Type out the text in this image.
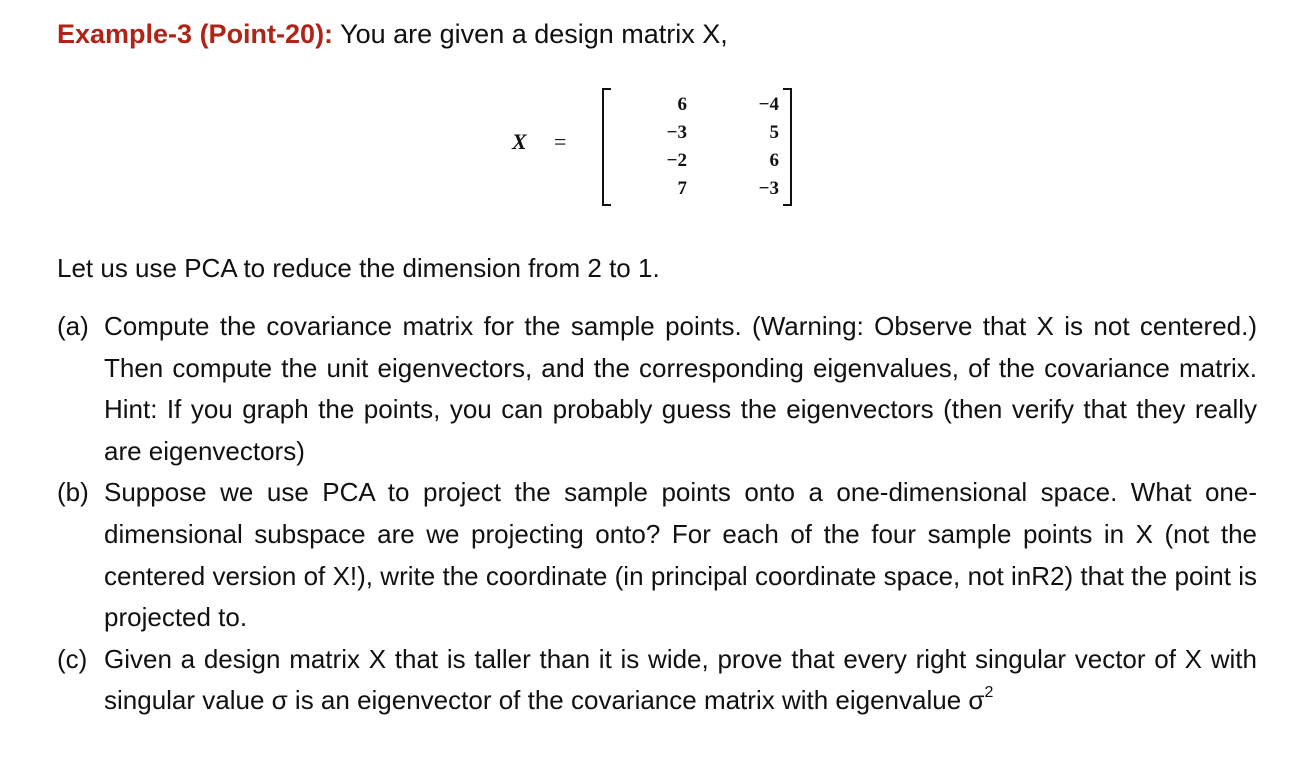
Example-3 (Point-20): You are given a design matrix X,
X =
6	−4
−3	5
−2	6
7	−3
Let us use PCA to reduce the dimension from 2 to 1.
(a) Compute the covariance matrix for the sample points. (Warning: Observe that X is not centered.) Then compute the unit eigenvectors, and the corresponding eigenvalues, of the covariance matrix. Hint: If you graph the points, you can probably guess the eigenvectors (then verify that they really are eigenvectors)
(b) Suppose we use PCA to project the sample points onto a one-dimensional space. What one-dimensional subspace are we projecting onto? For each of the four sample points in X (not the centered version of X!), write the coordinate (in principal coordinate space, not inR2) that the point is projected to.
(c) Given a design matrix X that is taller than it is wide, prove that every right singular vector of X with singular value σ is an eigenvector of the covariance matrix with eigenvalue $\sigma^2$
